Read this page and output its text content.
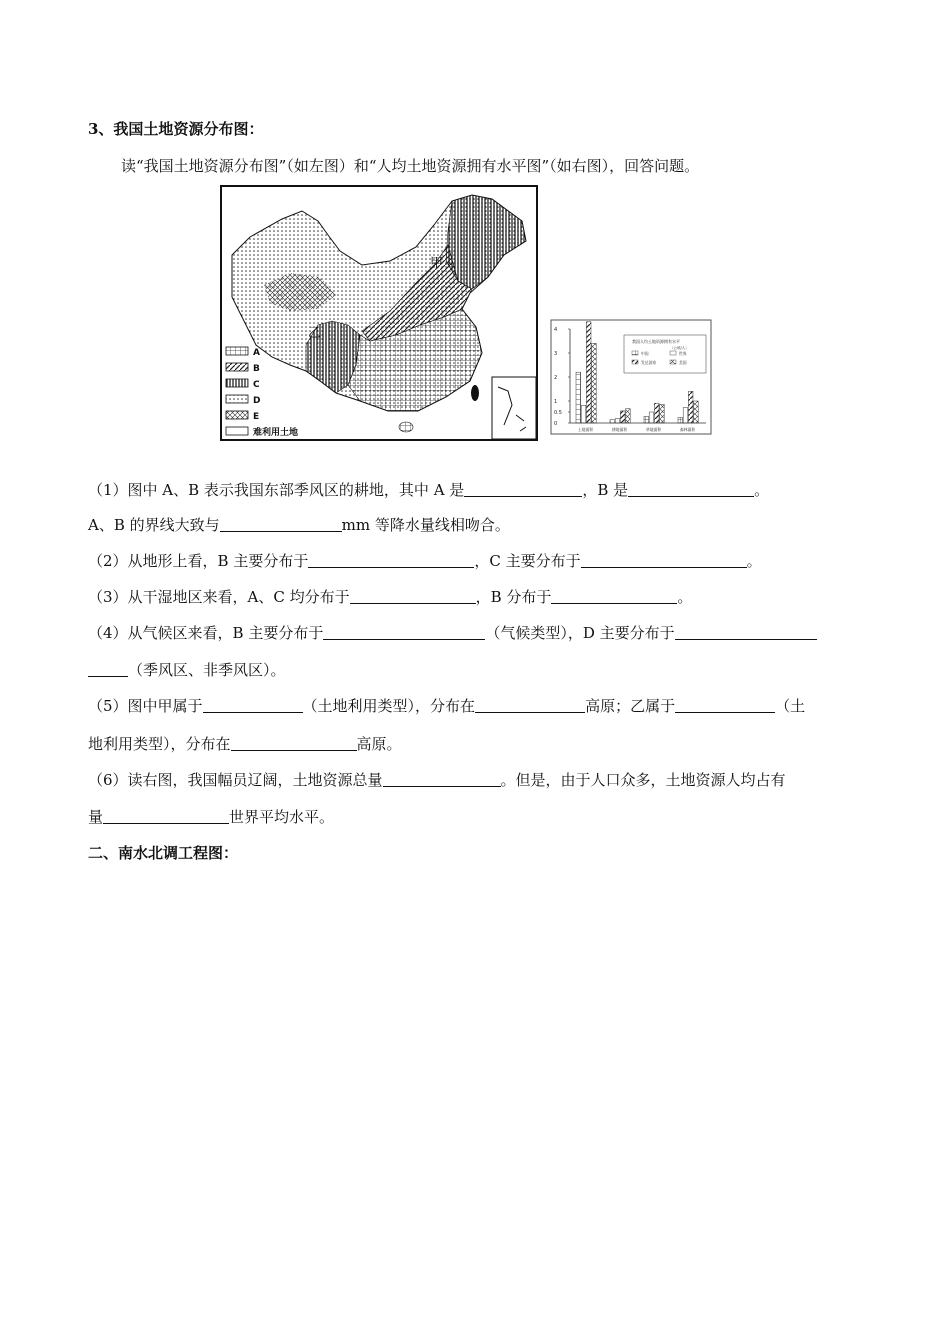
3、我国土地资源分布图：
读“我国土地资源分布图”（如左图）和“人均土地资源拥有水平图”（如右图），回答问题。
甲
乙
A
B
C
D
E
难利用土地	土地面积	耕地面积	草地面积	森林面积
0
0.5
1
2
3
4
我国人均土地资源拥有水平
（公顷/人）
中国	世界
发达国家	美国
（1）图中 A、B 表示我国东部季风区的耕地，其中 A 是	，B 是	。
A、B 的界线大致与	mm 等降水量线相吻合。
（2）从地形上看，B 主要分布于	，C 主要分布于	。
（3）从干湿地区来看，A、C 均分布于	，B 分布于	。
（4）从气候区来看，B 主要分布于	（气候类型），D 主要分布于
（季风区、非季风区）。
（5）图中甲属于	（土地利用类型），分布在	高原；乙属于	（土
地利用类型），分布在	高原。
（6）读右图，我国幅员辽阔，土地资源总量	。但是，由于人口众多，土地资源人均占有
量	世界平均水平。
二、南水北调工程图：
